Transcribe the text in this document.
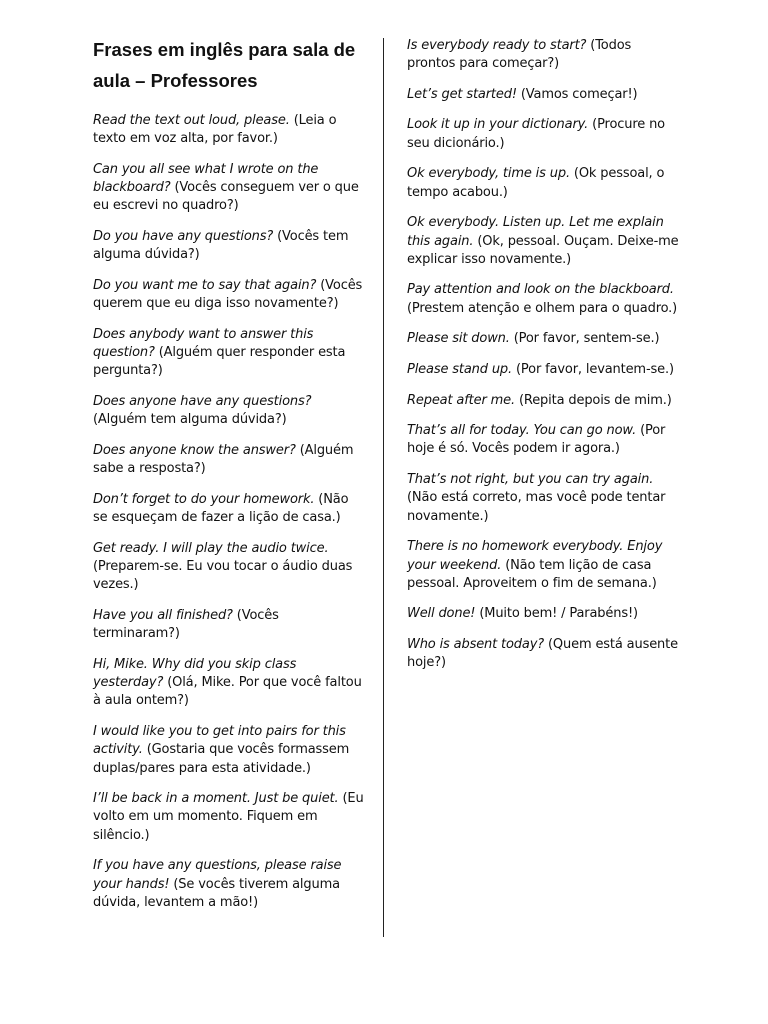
Frases em inglês para sala de aula – Professores

Read the text out loud, please. (Leia o texto em voz alta, por favor.)

Can you all see what I wrote on the blackboard? (Vocês conseguem ver o que eu escrevi no quadro?)

Do you have any questions? (Vocês tem alguma dúvida?)

Do you want me to say that again? (Vocês querem que eu diga isso novamente?)

Does anybody want to answer this question? (Alguém quer responder esta pergunta?)

Does anyone have any questions? (Alguém tem alguma dúvida?)

Does anyone know the answer? (Alguém sabe a resposta?)

Don’t forget to do your homework. (Não se esqueçam de fazer a lição de casa.)

Get ready. I will play the audio twice. (Preparem-se. Eu vou tocar o áudio duas vezes.)

Have you all finished? (Vocês terminaram?)

Hi, Mike. Why did you skip class yesterday? (Olá, Mike. Por que você faltou à aula ontem?)

I would like you to get into pairs for this activity. (Gostaria que vocês formassem duplas/pares para esta atividade.)

I’ll be back in a moment. Just be quiet. (Eu volto em um momento. Fiquem em silêncio.)

If you have any questions, please raise your hands! (Se vocês tiverem alguma dúvida, levantem a mão!)

Is everybody ready to start? (Todos prontos para começar?)

Let’s get started! (Vamos começar!)

Look it up in your dictionary. (Procure no seu dicionário.)

Ok everybody, time is up. (Ok pessoal, o tempo acabou.)

Ok everybody. Listen up. Let me explain this again. (Ok, pessoal. Ouçam. Deixe-me explicar isso novamente.)

Pay attention and look on the blackboard. (Prestem atenção e olhem para o quadro.)

Please sit down. (Por favor, sentem-se.)

Please stand up. (Por favor, levantem-se.)

Repeat after me. (Repita depois de mim.)

That’s all for today. You can go now. (Por hoje é só. Vocês podem ir agora.)

That’s not right, but you can try again. (Não está correto, mas você pode tentar novamente.)

There is no homework everybody. Enjoy your weekend. (Não tem lição de casa pessoal. Aproveitem o fim de semana.)

Well done! (Muito bem! / Parabéns!)

Who is absent today? (Quem está ausente hoje?)
